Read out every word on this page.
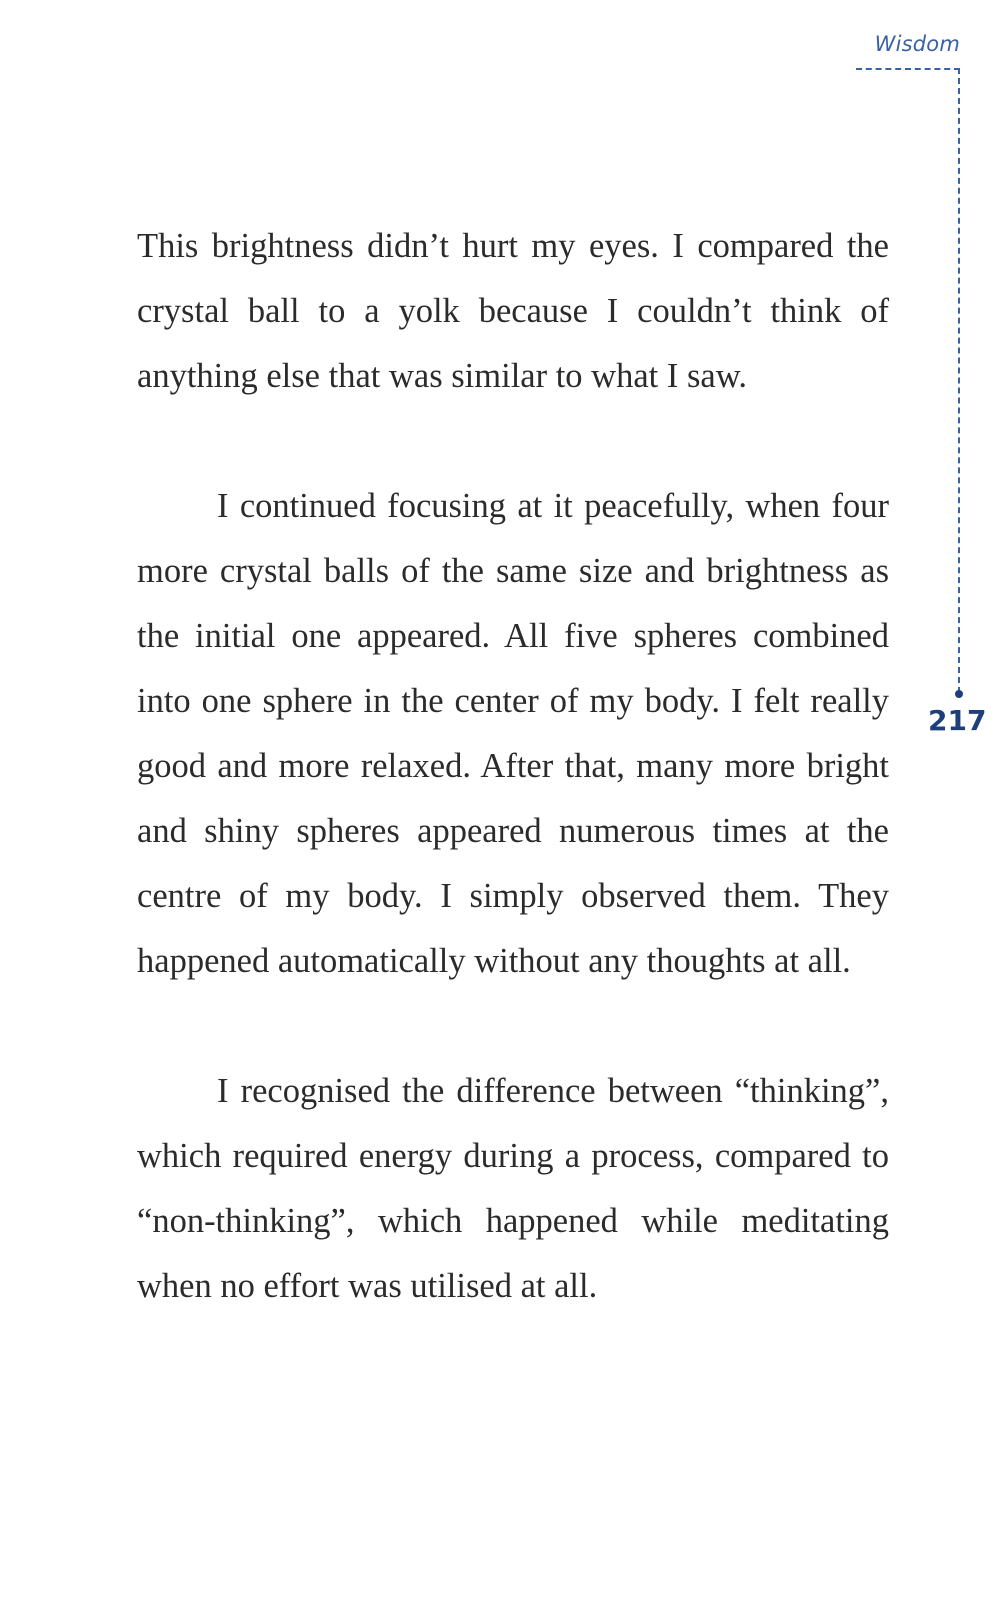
Wisdom
217

This brightness didn’t hurt my eyes. I compared the crystal ball to a yolk because I couldn’t think of anything else that was similar to what I saw.

I continued focusing at it peacefully, when four more crystal balls of the same size and brightness as the initial one appeared. All five spheres combined into one sphere in the center of my body. I felt really good and more relaxed. After that, many more bright and shiny spheres appeared numerous times at the centre of my body. I simply observed them. They happened automatically without any thoughts at all.

I recognised the difference between “thinking”, which required energy during a process, compared to “non-thinking”, which happened while meditating when no effort was utilised at all.
